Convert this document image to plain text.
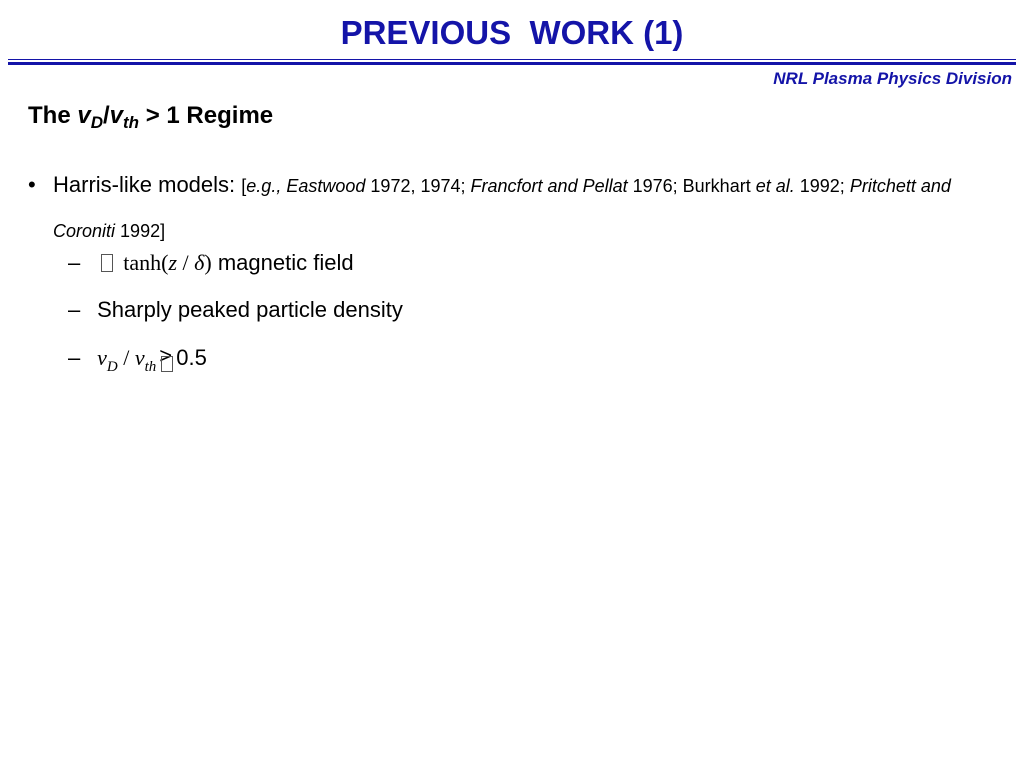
PREVIOUS  WORK (1)
NRL Plasma Physics Division
The $v_D/v_{th} > 1$ Regime
• Harris-like models: [e.g., Eastwood 1972, 1974; Francfort and Pellat 1976; Burkhart et al. 1992; Pritchett and Coroniti 1992]
– tanh(z / δ) magnetic field
– Sharply peaked particle density
– $v_D / v_{th} > 0.5$
